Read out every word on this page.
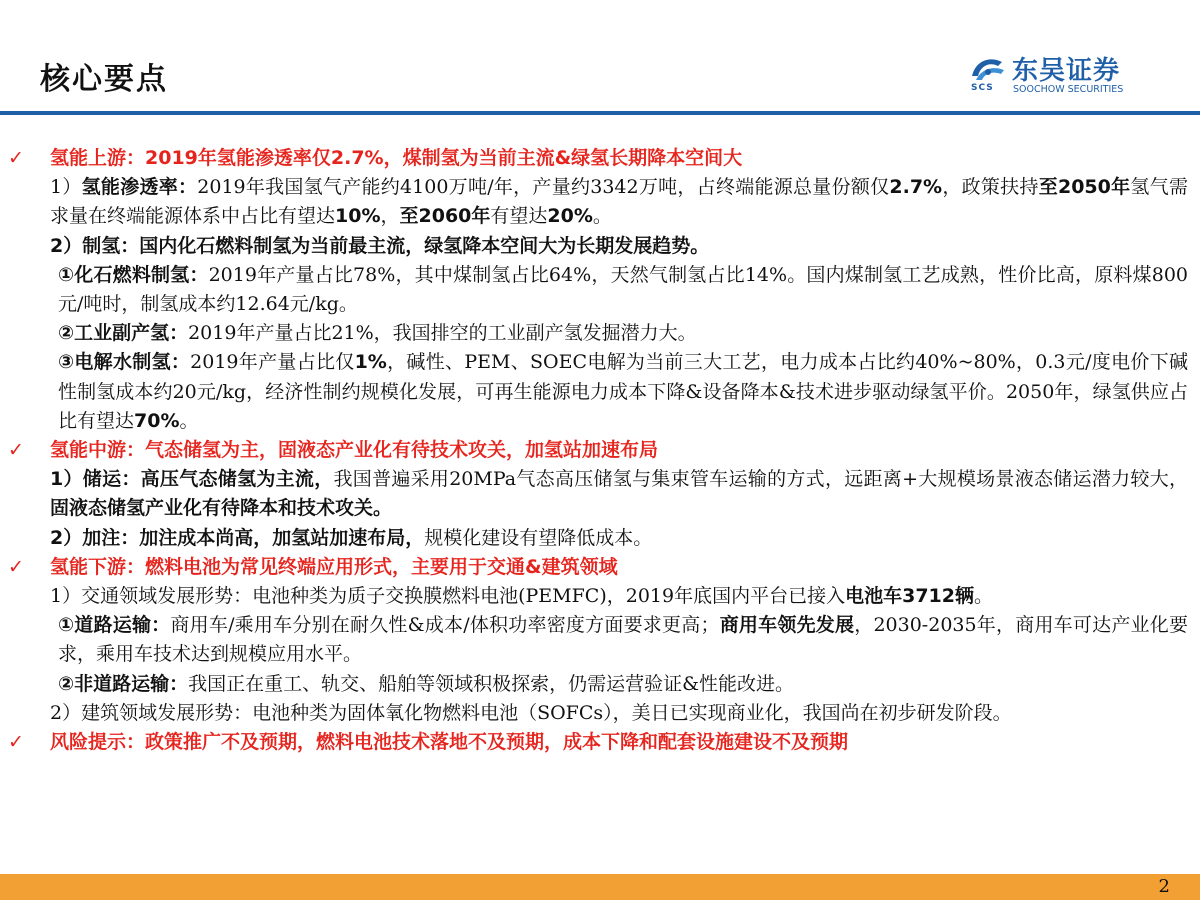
核心要点	SCS
东吴证券
SOOCHOW SECURITIES
✓ 氢能上游：2019年氢能渗透率仅2.7%，煤制氢为当前主流&绿氢长期降本空间大

1）氢能渗透率：2019年我国氢气产能约4100万吨/年，产量约3342万吨，占终端能源总量份额仅2.7%，政策扶持至2050年氢气需求量在终端能源体系中占比有望达10%，至2060年有望达20%。

2）制氢：国内化石燃料制氢为当前最主流，绿氢降本空间大为长期发展趋势。

①化石燃料制氢：2019年产量占比78%，其中煤制氢占比64%，天然气制氢占比14%。国内煤制氢工艺成熟，性价比高，原料煤800元/吨时，制氢成本约12.64元/kg。

②工业副产氢：2019年产量占比21%，我国排空的工业副产氢发掘潜力大。

③电解水制氢：2019年产量占比仅1%，碱性、PEM、SOEC电解为当前三大工艺，电力成本占比约40%~80%，0.3元/度电价下碱性制氢成本约20元/kg，经济性制约规模化发展，可再生能源电力成本下降&设备降本&技术进步驱动绿氢平价。2050年，绿氢供应占比有望达70%。

✓ 氢能中游：气态储氢为主，固液态产业化有待技术攻关，加氢站加速布局

1）储运：高压气态储氢为主流，我国普遍采用20MPa气态高压储氢与集束管车运输的方式，远距离+大规模场景液态储运潜力较大，固液态储氢产业化有待降本和技术攻关。

2）加注：加注成本尚高，加氢站加速布局，规模化建设有望降低成本。

✓ 氢能下游：燃料电池为常见终端应用形式，主要用于交通&建筑领域

1）交通领域发展形势：电池种类为质子交换膜燃料电池(PEMFC)，2019年底国内平台已接入电池车3712辆。

①道路运输：商用车/乘用车分别在耐久性&成本/体积功率密度方面要求更高；商用车领先发展，2030-2035年，商用车可达产业化要求，乘用车技术达到规模应用水平。

②非道路运输：我国正在重工、轨交、船舶等领域积极探索，仍需运营验证&性能改进。

2）建筑领域发展形势：电池种类为固体氧化物燃料电池（SOFCs），美日已实现商业化，我国尚在初步研发阶段。

✓ 风险提示：政策推广不及预期，燃料电池技术落地不及预期，成本下降和配套设施建设不及预期
2
